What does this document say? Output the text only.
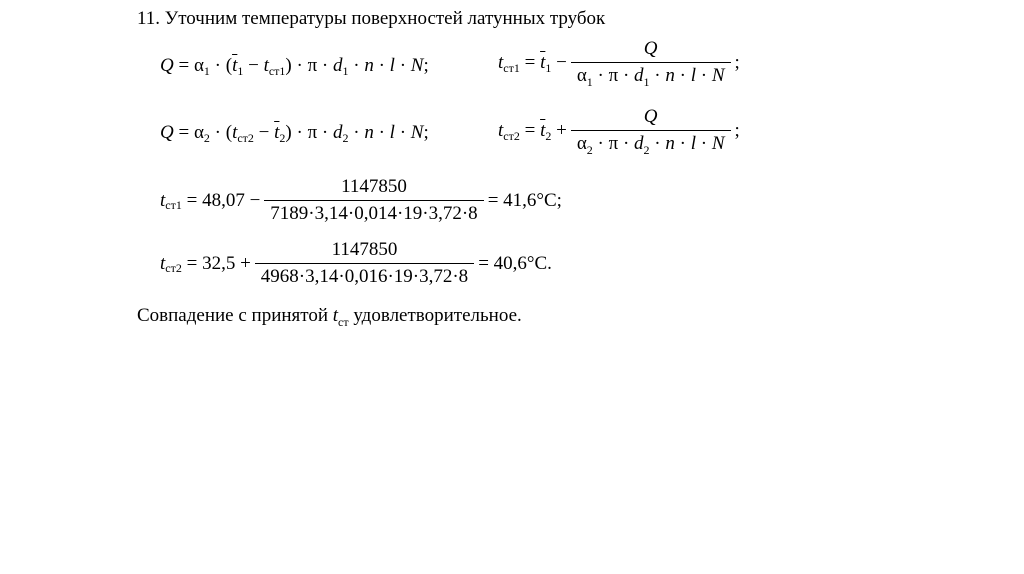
11. Уточним температуры поверхностей латунных трубок
Q = α 1 · ( $\overline{t}$ 1 − t ст1 ) · π · d 1 · n · l · N ;	t $ст1 = \overline{t}$ $1 - \frac{Q}{\alpha_1 \cdot \pi \cdot d_1 \cdot n \cdot l \cdot N}$ ;
Q = α 2 · ( t $ст2 - \overline{t}$ 2 ) · π · d 2 · n · l · N ;	t $ст2 = \overline{t}$ $2 + \frac{Q}{\alpha_2 \cdot \pi \cdot d_2 \cdot n \cdot l \cdot N}$ ;
t ст1
= $48,07 - \frac{1147850}{7189\cdot 3,14\cdot 0,014\cdot 19\cdot 3,72\cdot 8} = 41,6^\circ C$;
t ст2
= $32,5 + \frac{1147850}{4968\cdot 3,14\cdot 0,016\cdot 19\cdot 3,72\cdot 8} = 40,6^\circ C$.
Совпадение с принятой $t_{ст}$ удовлетворительное.
